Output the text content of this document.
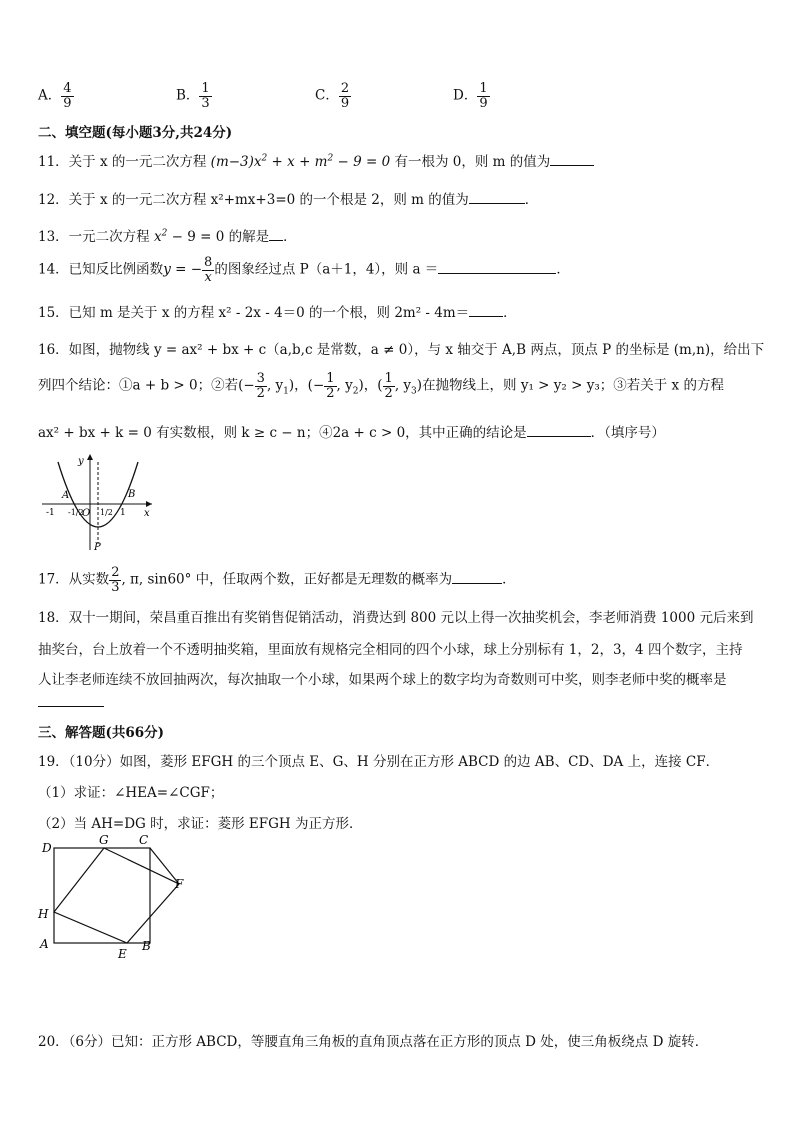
A． $\frac{4}{9}$	B． $\frac{1}{3}$	C． $\frac{2}{9}$	D． $\frac{1}{9}$
二、填空题(每小题3分,共24分)
11．关于 x 的一元二次方程 $(m-3)x^2 + x + m^2 - 9 = 0$ 有一根为 0，则 m 的值为
12．关于 x 的一元二次方程 x²+mx+3=0 的一个根是 2，则 m 的值为	．
13．一元二次方程 $x^2 - 9 = 0$ 的解是 ．
14．已知反比例函数y = − $\frac{8}{x}$ 的图象经过点 P（a＋1，4），则 a ＝	．
15．已知 m 是关于 x 的方程 x² - 2x - 4＝0 的一个根，则 2m² - 4m＝	．
16．如图，抛物线 y = ax² + bx + c（a,b,c 是常数，a ≠ 0），与 x 轴交于 A,B 两点，顶点 P 的坐标是 (m,n)，给出下
列四个结论：①a + b > 0；②若(− $\frac{3}{2}$ , $y_1$)，(− $\frac{1}{2}$ , $y_2$)，( $\frac{1}{2}$ , $y_3$)在抛物线上，则 y₁ > y₂ > y₃；③若关于 x 的方程
ax² + bx + k = 0 有实数根，则 k ≥ c − n；④2a + c > 0，其中正确的结论是	．（填序号）
y
x
A	B
O
P
-1 -1/2 1/2 1
17．从实数 $\frac{2}{3}$ , π, sin60° 中，任取两个数，正好都是无理数的概率为	．
18．双十一期间，荣昌重百推出有奖销售促销活动，消费达到 800 元以上得一次抽奖机会，李老师消费 1000 元后来到
抽奖台，台上放着一个不透明抽奖箱，里面放有规格完全相同的四个小球，球上分别标有 1，2，3，4 四个数字，主持
人让李老师连续不放回抽两次，每次抽取一个小球，如果两个球上的数字均为奇数则可中奖，则李老师中奖的概率是
三、解答题(共66分)
19．（10分）如图，菱形 EFGH 的三个顶点 E、G、H 分别在正方形 ABCD 的边 AB、CD、DA 上，连接 CF．
（1）求证：∠HEA=∠CGF；
（2）当 AH=DG 时，求证：菱形 EFGH 为正方形．
D
G	C
F
H
A
E
B
20．（6分）已知：正方形 ABCD，等腰直角三角板的直角顶点落在正方形的顶点 D 处，使三角板绕点 D 旋转．
